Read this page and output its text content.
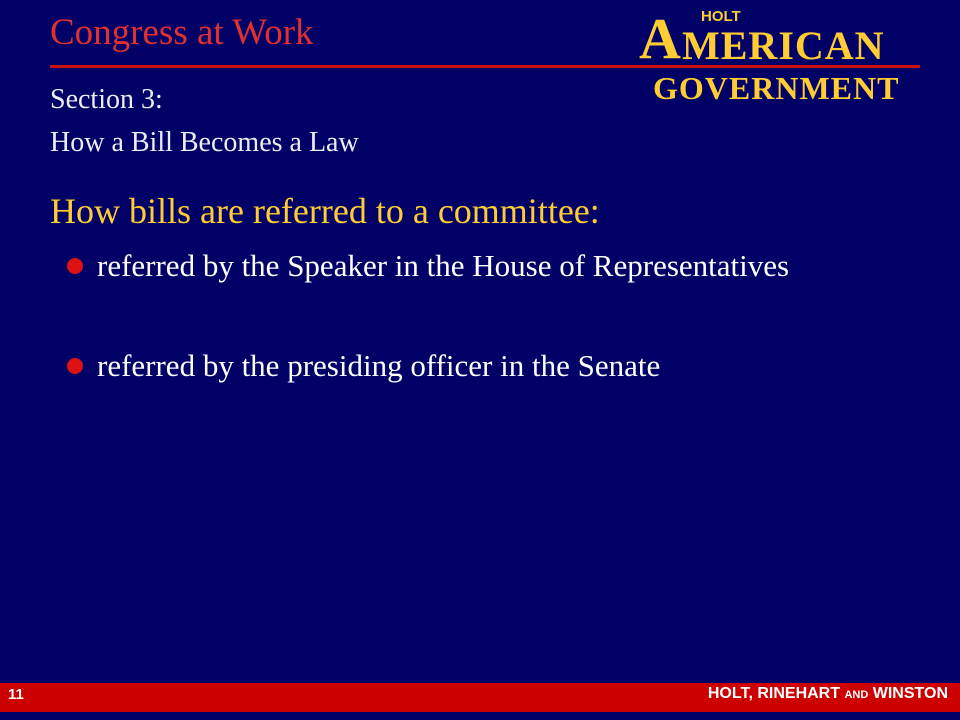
Congress at Work	HOLT
A MERICAN
GOVERNMENT
Section 3:
How a Bill Becomes a Law
How bills are referred to a committee:
referred by the Speaker in the House of Representatives
referred by the presiding officer in the Senate
11	HOLT, RINEHART AND WINSTON
